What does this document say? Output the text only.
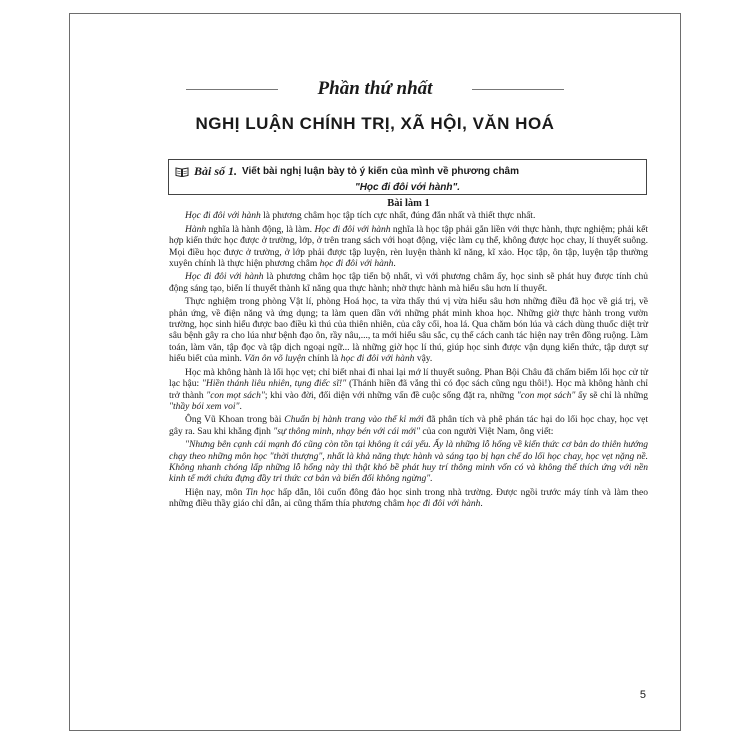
Phần thứ nhất
NGHỊ LUẬN CHÍNH TRỊ, XÃ HỘI, VĂN HOÁ
Bài số 1. Viết bài nghị luận bày tỏ ý kiến của mình về phương châm
"Học đi đôi với hành".

Bài làm 1

Học đi đôi với hành là phương châm học tập tích cực nhất, đúng đắn nhất và thiết thực nhất.

Hành nghĩa là hành động, là làm. Học đi đôi với hành nghĩa là học tập phải gắn liền với thực hành, thực nghiệm; phải kết hợp kiến thức học được ở trường, lớp, ở trên trang sách với hoạt động, việc làm cụ thể, không được học chay, lí thuyết suông. Mọi điều học được ở trường, ở lớp phải được tập luyện, rèn luyện thành kĩ năng, kĩ xảo. Học tập, ôn tập, luyện tập thường xuyên chính là thực hiện phương châm học đi đôi với hành.

Học đi đôi với hành là phương châm học tập tiến bộ nhất, vì với phương châm ấy, học sinh sẽ phát huy được tính chủ động sáng tạo, biến lí thuyết thành kĩ năng qua thực hành; nhờ thực hành mà hiểu sâu hơn lí thuyết.

Thực nghiệm trong phòng Vật lí, phòng Hoá học, ta vừa thấy thú vị vừa hiểu sâu hơn những điều đã học về giá trị, về phản ứng, về điện năng và ứng dụng; ta làm quen dần với những phát minh khoa học. Những giờ thực hành trong vườn trường, học sinh hiểu được bao điều kì thú của thiên nhiên, của cây cối, hoa lá. Qua chăm bón lúa và cách dùng thuốc diệt trừ sâu bệnh gây ra cho lúa như bệnh đạo ôn, rầy nâu,..., ta mới hiểu sâu sắc, cụ thể cách canh tác hiện nay trên đồng ruộng. Làm toán, làm văn, tập đọc và tập dịch ngoại ngữ... là những giờ học lí thú, giúp học sinh được vận dụng kiến thức, tập dượt sự hiểu biết của mình. Văn ôn võ luyện chính là học đi đôi với hành vậy.

Học mà không hành là lối học vẹt; chỉ biết nhai đi nhai lại mớ lí thuyết suông. Phan Bội Châu đã chấm biếm lối học cử tử lạc hậu: "Hiền thánh liêu nhiên, tụng điếc sĩ!" (Thánh hiền đã vắng thì có đọc sách cũng ngu thôi!). Học mà không hành chỉ trở thành "con mọt sách"; khi vào đời, đối diện với những vấn đề cuộc sống đặt ra, những "con mọt sách" ấy sẽ chỉ là những "thầy bói xem voi".

Ông Vũ Khoan trong bài Chuẩn bị hành trang vào thế kỉ mới đã phân tích và phê phán tác hại do lối học chay, học vẹt gây ra. Sau khi khẳng định "sự thông minh, nhạy bén với cái mới" của con người Việt Nam, ông viết:

"Nhưng bên cạnh cái mạnh đó cũng còn tồn tại không ít cái yếu. Ấy là những lỗ hổng về kiến thức cơ bản do thiên hướng chạy theo những môn học "thời thượng", nhất là khả năng thực hành và sáng tạo bị hạn chế do lối học chay, học vẹt nặng nề. Không nhanh chóng lấp những lỗ hổng này thì thật khó bề phát huy trí thông minh vốn có và không thể thích ứng với nền kinh tế mới chứa đựng đầy tri thức cơ bản và biến đổi không ngừng".

Hiện nay, môn Tin học hấp dẫn, lôi cuốn đông đảo học sinh trong nhà trường. Được ngồi trước máy tính và làm theo những điều thầy giáo chỉ dẫn, ai cũng thấm thía phương châm học đi đôi với hành.

5
